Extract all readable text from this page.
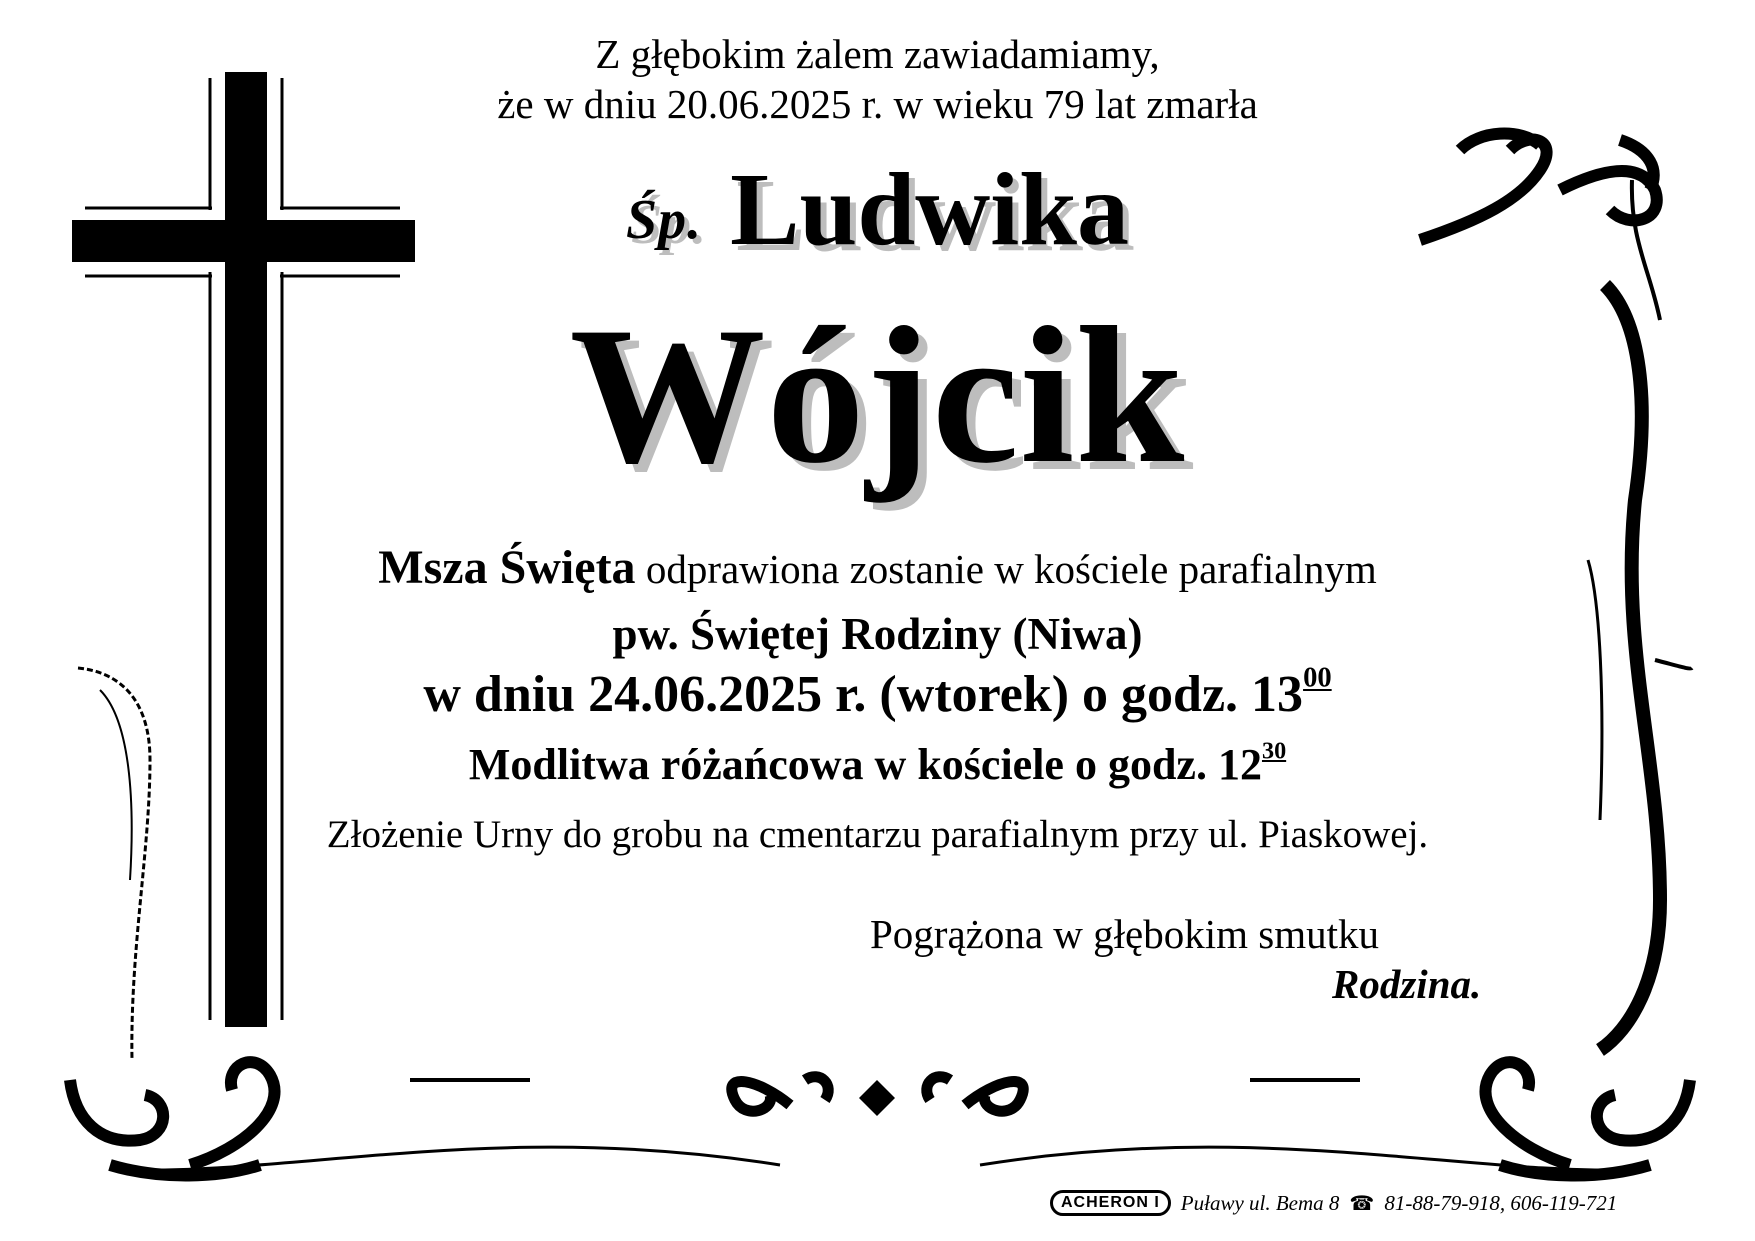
Z głębokim żalem zawiadamiamy,
że w dniu 20.06.2025 r. w wieku 79 lat zmarła
Śp. Ludwika
Wójcik
Msza Święta odprawiona zostanie w kościele parafialnym
pw. Świętej Rodziny (Niwa)
w dniu 24.06.2025 r. (wtorek) o godz. $13^{00}$
Modlitwa różańcowa w kościele o godz. $12^{30}$
Złożenie Urny do grobu na cmentarzu parafialnym przy ul. Piaskowej.
Pogrążona w głębokim smutku
Rodzina.
ACHERON I	Puławy ul. Bema 8 ☎ 81-88-79-918, 606-119-721
